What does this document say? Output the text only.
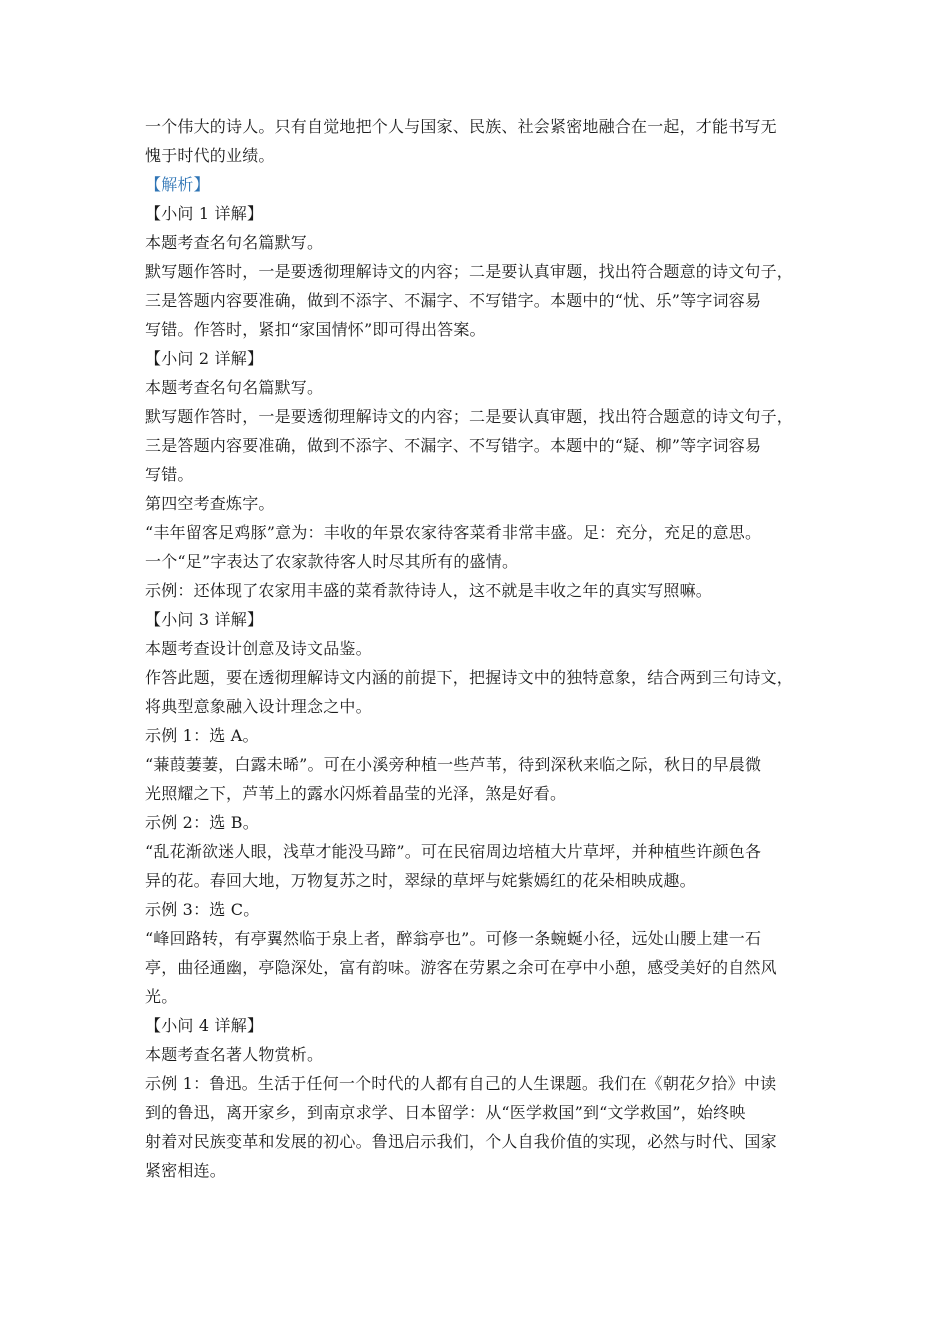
一个伟大的诗人。只有自觉地把个人与国家、民族、社会紧密地融合在一起，才能书写无
愧于时代的业绩。
【解析】
【小问 1 详解】
本题考查名句名篇默写。
默写题作答时，一是要透彻理解诗文的内容；二是要认真审题，找出符合题意的诗文句子，
三是答题内容要准确，做到不添字、不漏字、不写错字。本题中的“忧、乐”等字词容易
写错。作答时，紧扣“家国情怀”即可得出答案。
【小问 2 详解】
本题考查名句名篇默写。
默写题作答时，一是要透彻理解诗文的内容；二是要认真审题，找出符合题意的诗文句子，
三是答题内容要准确，做到不添字、不漏字、不写错字。本题中的“疑、柳”等字词容易
写错。
第四空考查炼字。
“丰年留客足鸡豚”意为：丰收的年景农家待客菜肴非常丰盛。足：充分，充足的意思。
一个“足”字表达了农家款待客人时尽其所有的盛情。
示例：还体现了农家用丰盛的菜肴款待诗人，这不就是丰收之年的真实写照嘛。
【小问 3 详解】
本题考查设计创意及诗文品鉴。
作答此题，要在透彻理解诗文内涵的前提下，把握诗文中的独特意象，结合两到三句诗文，
将典型意象融入设计理念之中。
示例 1：选 A。
“蒹葭萋萋，白露未晞”。可在小溪旁种植一些芦苇，待到深秋来临之际，秋日的早晨微
光照耀之下，芦苇上的露水闪烁着晶莹的光泽，煞是好看。
示例 2：选 B。
“乱花渐欲迷人眼，浅草才能没马蹄”。可在民宿周边培植大片草坪，并种植些许颜色各
异的花。春回大地，万物复苏之时，翠绿的草坪与姹紫嫣红的花朵相映成趣。
示例 3：选 C。
“峰回路转，有亭翼然临于泉上者，醉翁亭也”。可修一条蜿蜒小径，远处山腰上建一石
亭，曲径通幽，亭隐深处，富有韵味。游客在劳累之余可在亭中小憩，感受美好的自然风
光。
【小问 4 详解】
本题考查名著人物赏析。
示例 1：鲁迅。生活于任何一个时代的人都有自己的人生课题。我们在《朝花夕拾》中读
到的鲁迅，离开家乡，到南京求学、日本留学：从“医学救国”到“文学救国”，始终映
射着对民族变革和发展的初心。鲁迅启示我们，个人自我价值的实现，必然与时代、国家
紧密相连。
